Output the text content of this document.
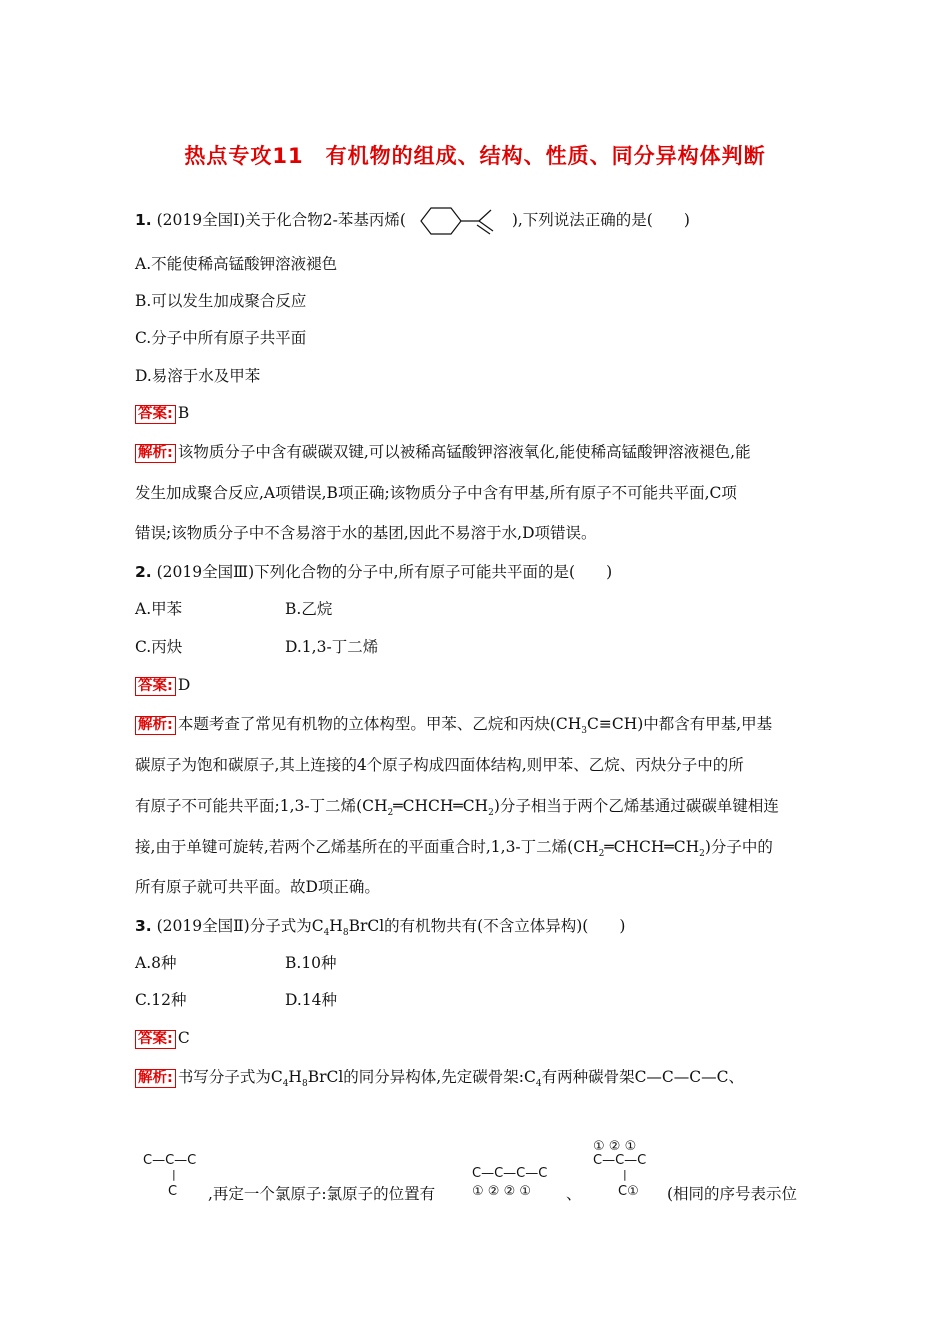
热点专攻11　有机物的组成、结构、性质、同分异构体判断
1. (2019全国Ⅰ)关于化合物2-苯基丙烯(	),下列说法正确的是(　　)
A.不能使稀高锰酸钾溶液褪色
B.可以发生加成聚合反应
C.分子中所有原子共平面
D.易溶于水及甲苯
答案: B
解析: 该物质分子中含有碳碳双键,可以被稀高锰酸钾溶液氧化,能使稀高锰酸钾溶液褪色,能
发生加成聚合反应,A项错误,B项正确;该物质分子中含有甲基,所有原子不可能共平面,C项
错误;该物质分子中不含易溶于水的基团,因此不易溶于水,D项错误。
2. (2019全国Ⅲ)下列化合物的分子中,所有原子可能共平面的是(　　)
A.甲苯	B.乙烷
C.丙炔	D.1,3-丁二烯
答案: D
解析: 本题考查了常见有机物的立体构型。甲苯、乙烷和丙炔$(CH_3C\equiv CH)$中都含有甲基,甲基
碳原子为饱和碳原子,其上连接的4个原子构成四面体结构,则甲苯、乙烷、丙炔分子中的所
有原子不可能共平面;1,3-丁二烯$(CH_2═CHCH═CH_2)$分子相当于两个乙烯基通过碳碳单键相连
接,由于单键可旋转,若两个乙烯基所在的平面重合时,1,3-丁二烯$(CH_2═CHCH═CH_2)$分子中的
所有原子就可共平面。故D项正确。
3. (2019全国Ⅱ)分子式为$C_4H_8BrCl$的有机物共有(不含立体异构)(　　)
A.8种	B.10种
C.12种	D.14种
答案: C
解析: 书写分子式为$C_4H_8BrCl$的同分异构体,先定碳骨架$:C_4$有两种碳骨架C—C—C—C、
C—C—C
|
C ,再定一个氯原子:氯原子的位置有
C—C—C—C
① ② ② ① 、
① ② ①
C—C—C
|
C① (相同的序号表示位
